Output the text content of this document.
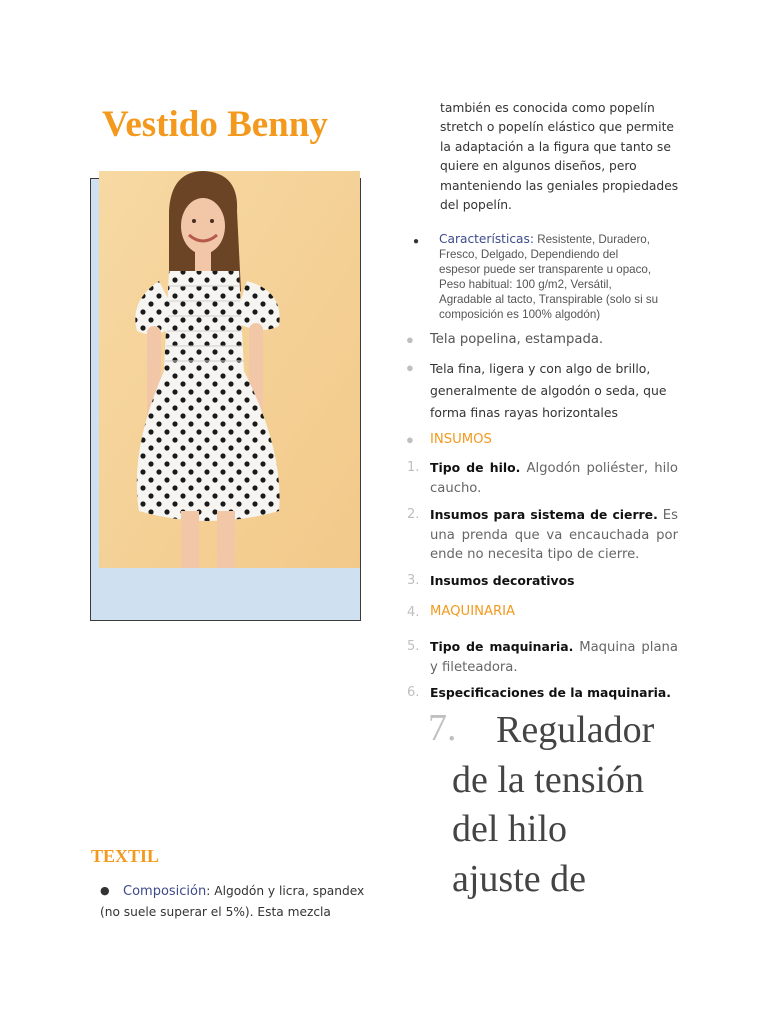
Vestido Benny
TEXTIL
●	Composición: Algodón y licra, spandex
(no suele superar el 5%). Esta mezcla

también es conocida como popelín
stretch o popelín elástico que permite
la adaptación a la figura que tanto se
quiere en algunos diseños, pero
manteniendo las geniales propiedades
del popelín.

●	Características: Resistente, Duradero,
Fresco, Delgado, Dependiendo del
espesor puede ser transparente u opaco,
Peso habitual: 100 g/m2, Versátil,
Agradable al tacto, Transpirable (solo si su
composición es 100% algodón)
● Tela popelina, estampada.
● Tela fina, ligera y con algo de brillo,
generalmente de algodón o seda, que
forma finas rayas horizontales
● INSUMOS
1. Tipo de hilo. Algodón poliéster, hilo caucho.
2. Insumos para sistema de cierre. Es una prenda que va encauchada por ende no necesita tipo de cierre.
3. Insumos decorativos
4. MAQUINARIA
5. Tipo de maquinaria. Maquina plana y fileteadora.
6. Especificaciones de la maquinaria.
7.	Regulador
de la tensión
del hilo
ajuste de
